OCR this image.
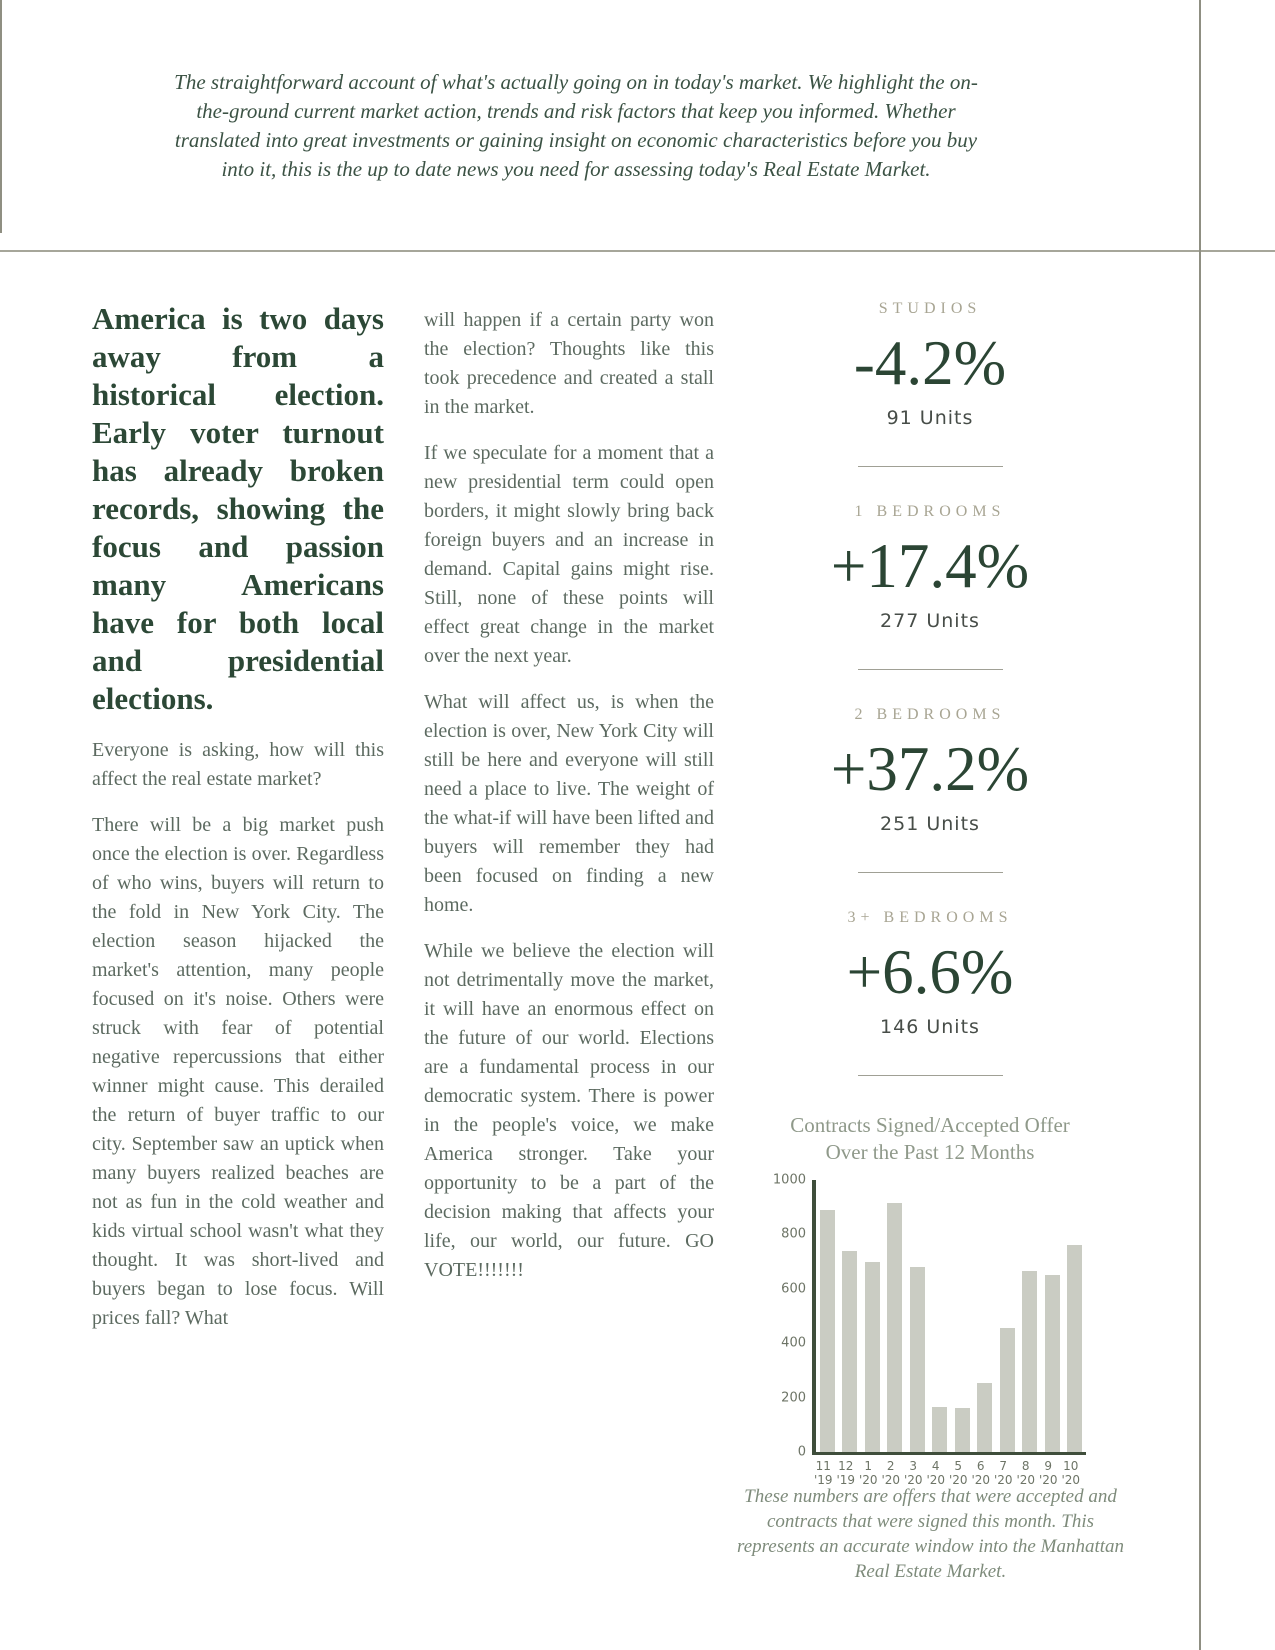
The straightforward account of what's actually going on in today's market. We highlight the on-the-ground current market action, trends and risk factors that keep you informed. Whether translated into great investments or gaining insight on economic characteristics before you buy into it, this is the up to date news you need for assessing today's Real Estate Market.

America is two days away from a historical election. Early voter turnout has already broken records, showing the focus and passion many Americans have for both local and presidential elections.

Everyone is asking, how will this affect the real estate market?

There will be a big market push once the election is over. Regardless of who wins, buyers will return to the fold in New York City. The election season hijacked the market's attention, many people focused on it's noise. Others were struck with fear of potential negative repercussions that either winner might cause. This derailed the return of buyer traffic to our city. September saw an uptick when many buyers realized beaches are not as fun in the cold weather and kids virtual school wasn't what they thought. It was short-lived and buyers began to lose focus. Will prices fall? What

will happen if a certain party won the election? Thoughts like this took precedence and created a stall in the market.

If we speculate for a moment that a new presidential term could open borders, it might slowly bring back foreign buyers and an increase in demand. Capital gains might rise. Still, none of these points will effect great change in the market over the next year.

What will affect us, is when the election is over, New York City will still be here and everyone will still need a place to live. The weight of the what-if will have been lifted and buyers will remember they had been focused on finding a new home.

While we believe the election will not detrimentally move the market, it will have an enormous effect on the future of our world. Elections are a fundamental process in our democratic system. There is power in the people's voice, we make America stronger. Take your opportunity to be a part of the decision making that affects your life, our world, our future. GO VOTE!!!!!!!

STUDIOS

-4.2%

91 Units

1 BEDROOMS

+17.4%

277 Units

2 BEDROOMS

+37.2%

251 Units

3+ BEDROOMS

+6.6%

146 Units

Contracts Signed/Accepted Offer
Over the Past 12 Months
0
200
400
600
800
1000
11
'19
12
'19
1
'20
2
'20
3
'20
4
'20
5
'20
6
'20
7
'20
8
'20
9
'20
10
'20
These numbers are offers that were accepted and contracts that were signed this month. This represents an accurate window into the Manhattan Real Estate Market.
